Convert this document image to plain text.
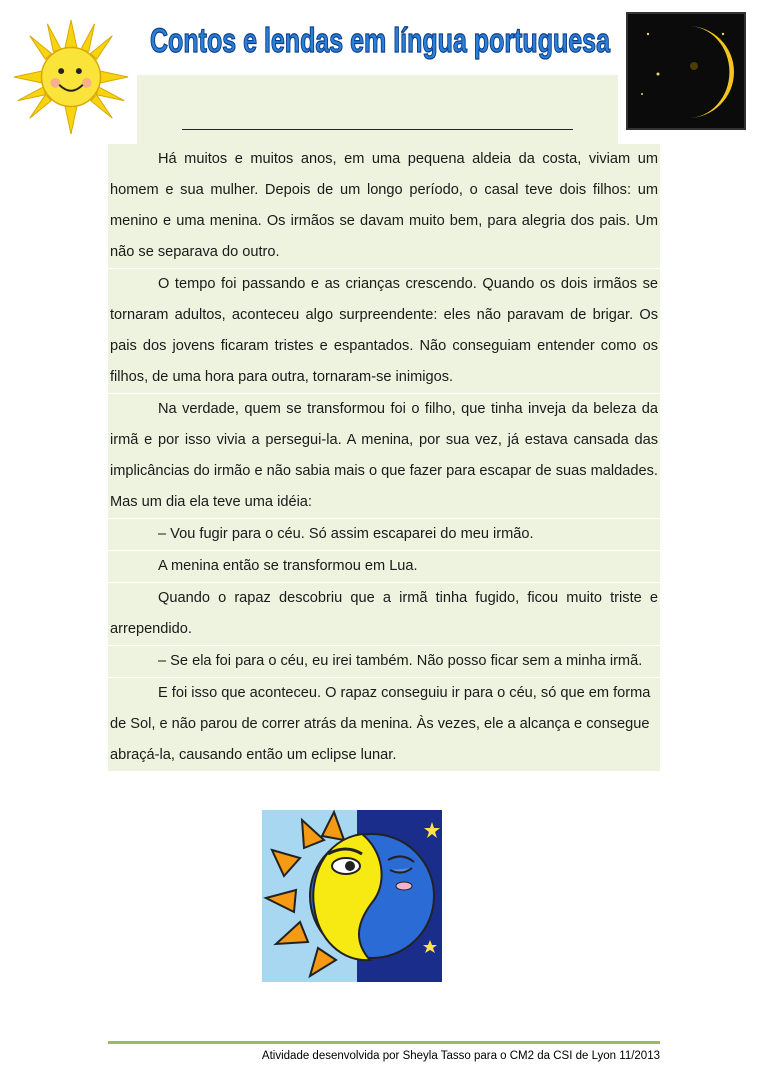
Contos e lendas em língua portuguesa

Há muitos e muitos anos, em uma pequena aldeia da costa, viviam um homem e sua mulher. Depois de um longo período, o casal teve dois filhos: um menino e uma menina. Os irmãos se davam muito bem, para alegria dos pais. Um não se separava do outro.

O tempo foi passando e as crianças crescendo. Quando os dois irmãos se tornaram adultos, aconteceu algo surpreendente: eles não paravam de brigar. Os pais dos jovens ficaram tristes e espantados. Não conseguiam entender como os filhos, de uma hora para outra, tornaram-se inimigos.

Na verdade, quem se transformou foi o filho, que tinha inveja da beleza da irmã e por isso vivia a persegui-la. A menina, por sua vez, já estava cansada das implicâncias do irmão e não sabia mais o que fazer para escapar de suas maldades. Mas um dia ela teve uma idéia:

– Vou fugir para o céu. Só assim escaparei do meu irmão.

A menina então se transformou em Lua.

Quando o rapaz descobriu que a irmã tinha fugido, ficou muito triste e arrependido.

– Se ela foi para o céu, eu irei também. Não posso ficar sem a minha irmã.

E foi isso que aconteceu. O rapaz conseguiu ir para o céu, só que em forma de Sol, e não parou de correr atrás da menina. Às vezes, ele a alcança e consegue abraçá-la, causando então um eclipse lunar.

Atividade desenvolvida por Sheyla Tasso para o CM2 da CSI de Lyon 11/2013
